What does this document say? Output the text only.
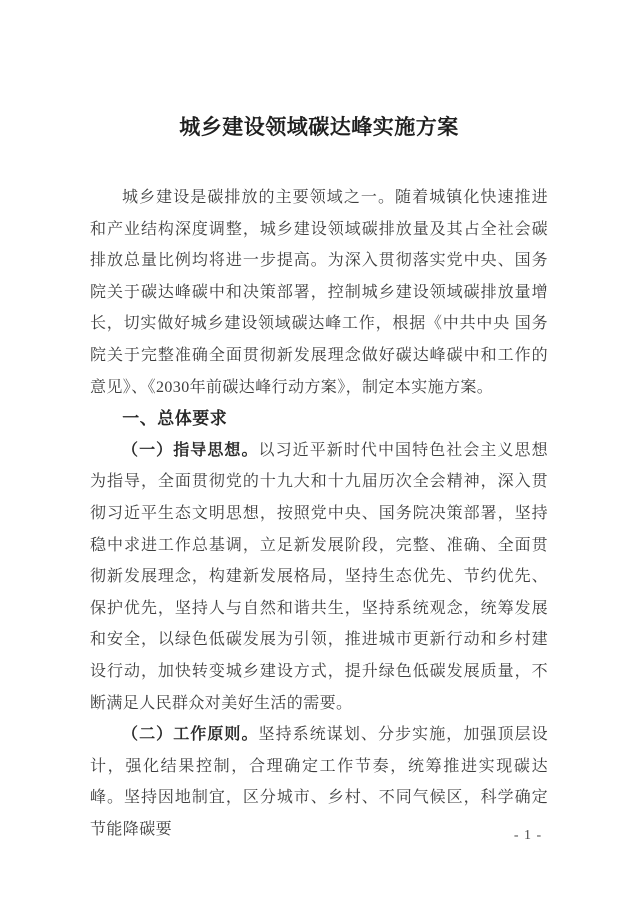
城乡建设领域碳达峰实施方案

城乡建设是碳排放的主要领域之一。随着城镇化快速推进和产业结构深度调整，城乡建设领域碳排放量及其占全社会碳排放总量比例均将进一步提高。为深入贯彻落实党中央、国务院关于碳达峰碳中和决策部署，控制城乡建设领域碳排放量增长，切实做好城乡建设领域碳达峰工作，根据《中共中央 国务院关于完整准确全面贯彻新发展理念做好碳达峰碳中和工作的意见》、《2030年前碳达峰行动方案》，制定本实施方案。

一、总体要求

（一）指导思想。以习近平新时代中国特色社会主义思想为指导，全面贯彻党的十九大和十九届历次全会精神，深入贯彻习近平生态文明思想，按照党中央、国务院决策部署，坚持稳中求进工作总基调，立足新发展阶段，完整、准确、全面贯彻新发展理念，构建新发展格局，坚持生态优先、节约优先、保护优先，坚持人与自然和谐共生，坚持系统观念，统筹发展和安全，以绿色低碳发展为引领，推进城市更新行动和乡村建设行动，加快转变城乡建设方式，提升绿色低碳发展质量，不断满足人民群众对美好生活的需要。

（二）工作原则。坚持系统谋划、分步实施，加强顶层设计，强化结果控制，合理确定工作节奏，统筹推进实现碳达峰。坚持因地制宜，区分城市、乡村、不同气候区，科学确定节能降碳要	- 1 -
